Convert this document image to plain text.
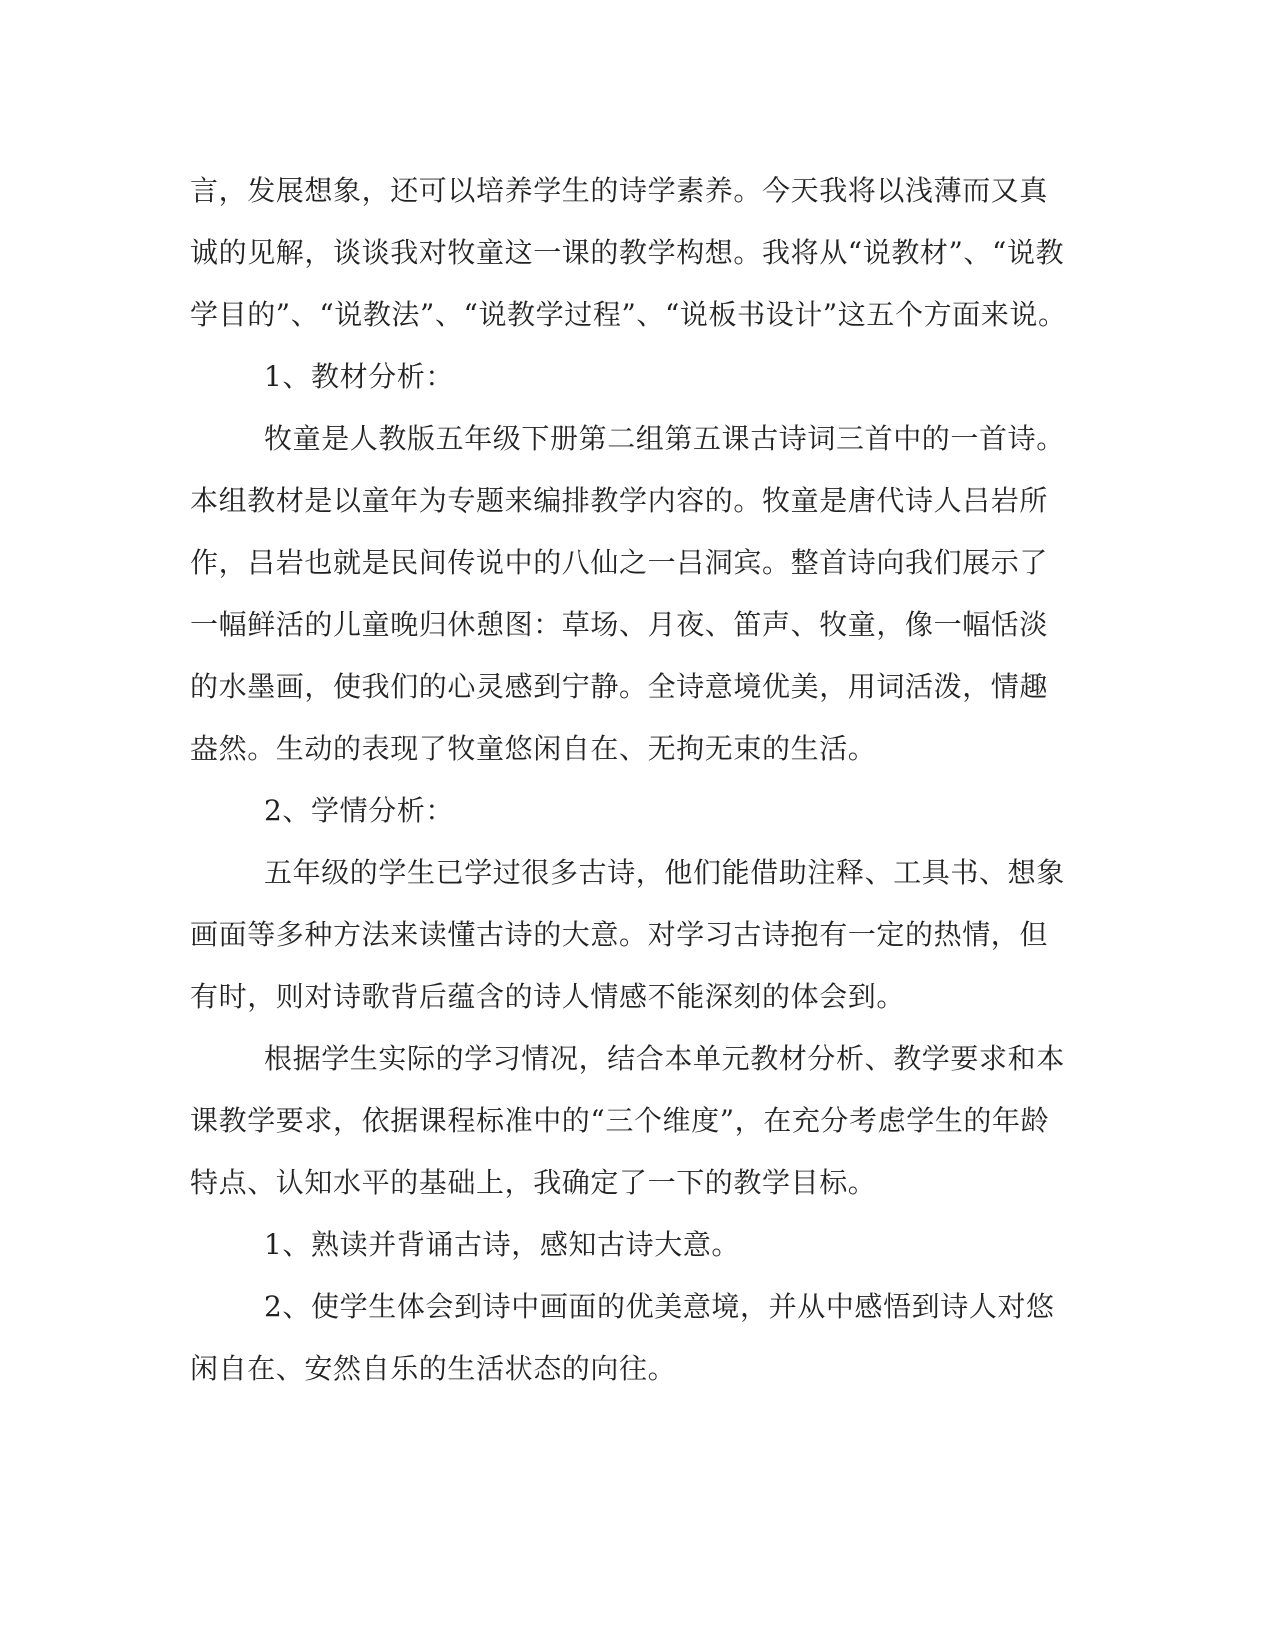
言，发展想象，还可以培养学生的诗学素养。今天我将以浅薄而又真
诚的见解，谈谈我对牧童这一课的教学构想。我将从“说教材”、“说教
学目的”、“说教法”、“说教学过程”、“说板书设计”这五个方面来说。
1、教材分析：
牧童是人教版五年级下册第二组第五课古诗词三首中的一首诗。
本组教材是以童年为专题来编排教学内容的。牧童是唐代诗人吕岩所
作，吕岩也就是民间传说中的八仙之一吕洞宾。整首诗向我们展示了
一幅鲜活的儿童晚归休憩图：草场、月夜、笛声、牧童，像一幅恬淡
的水墨画，使我们的心灵感到宁静。全诗意境优美，用词活泼，情趣
盎然。生动的表现了牧童悠闲自在、无拘无束的生活。
2、学情分析：
五年级的学生已学过很多古诗，他们能借助注释、工具书、想象
画面等多种方法来读懂古诗的大意。对学习古诗抱有一定的热情，但
有时，则对诗歌背后蕴含的诗人情感不能深刻的体会到。
根据学生实际的学习情况，结合本单元教材分析、教学要求和本
课教学要求，依据课程标准中的“三个维度”，在充分考虑学生的年龄
特点、认知水平的基础上，我确定了一下的教学目标。
1、熟读并背诵古诗，感知古诗大意。
2、使学生体会到诗中画面的优美意境，并从中感悟到诗人对悠
闲自在、安然自乐的生活状态的向往。
